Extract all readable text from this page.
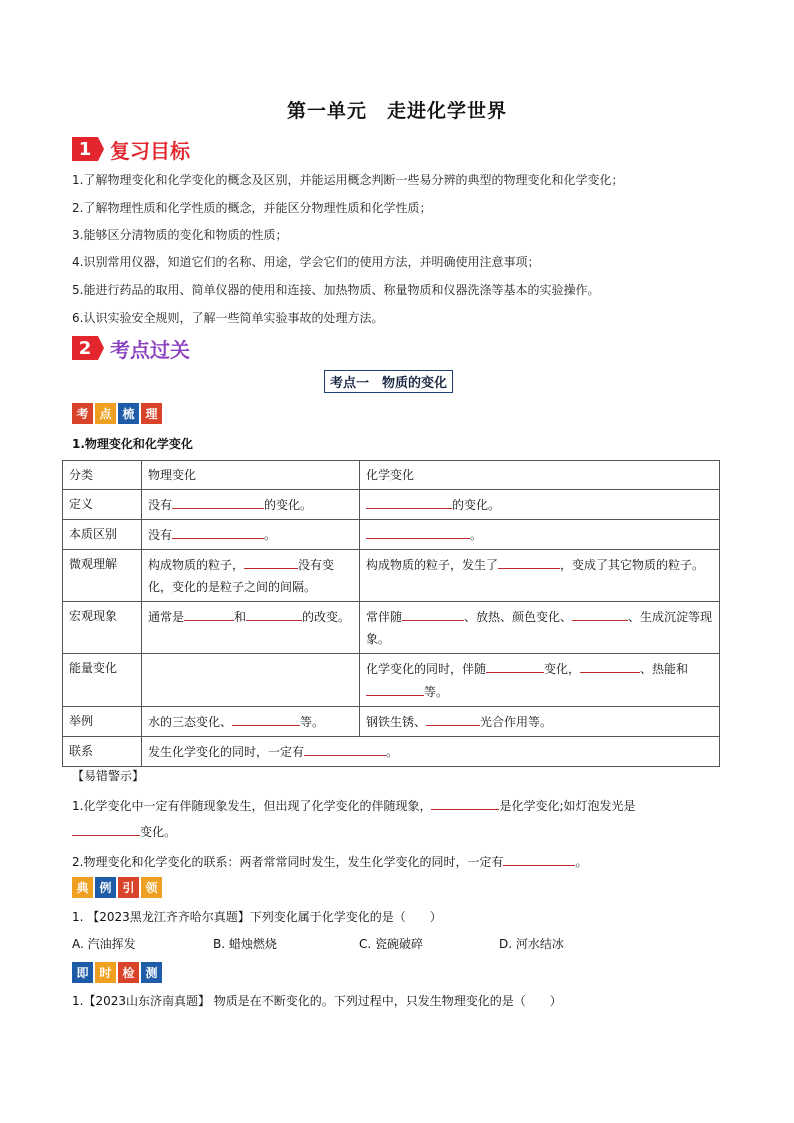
第一单元　走进化学世界
1 复习目标
1.了解物理变化和化学变化的概念及区别，并能运用概念判断一些易分辨的典型的物理变化和化学变化；
2.了解物理性质和化学性质的概念，并能区分物理性质和化学性质；
3.能够区分清物质的变化和物质的性质；
4.识别常用仪器，知道它们的名称、用途，学会它们的使用方法，并明确使用注意事项；
5.能进行药品的取用、简单仪器的使用和连接、加热物质、称量物质和仪器洗涤等基本的实验操作。
6.认识实验安全规则，了解一些简单实验事故的处理方法。
2 考点过关
考点一　物质的变化
考 点 梳 理
1.物理变化和化学变化
分类	物理变化	化学变化
定义	没有 的变化。	的变化。
本质区别	没有 。	。
微观理解	构成物质的粒子， 没有变化，变化的是粒子之间的间隔。	构成物质的粒子，发生了 ，变成了其它物质的粒子。
宏观现象	通常是 和 的改变。	常伴随 、放热、颜色变化、 、生成沉淀等现象。
能量变化		化学变化的同时，伴随 变化， 、热能和等。
举例	水的三态变化、 等。	钢铁生锈、 光合作用等。
联系	发生化学变化的同时，一定有 。	
【易错警示】
1.化学变化中一定有伴随现象发生，但出现了化学变化的伴随现象，	是化学变化;如灯泡发光是
变化。
2.物理变化和化学变化的联系：两者常常同时发生，发生化学变化的同时，一定有	。
典 例 引 领
1. 【2023黑龙江齐齐哈尔真题】下列变化属于化学变化的是（　　）
A. 汽油挥发	B. 蜡烛燃烧	C. 瓷碗破碎	D. 河水结冰
即 时 检 测
1.【2023山东济南真题】 物质是在不断变化的。下列过程中，只发生物理变化的是（　　）
